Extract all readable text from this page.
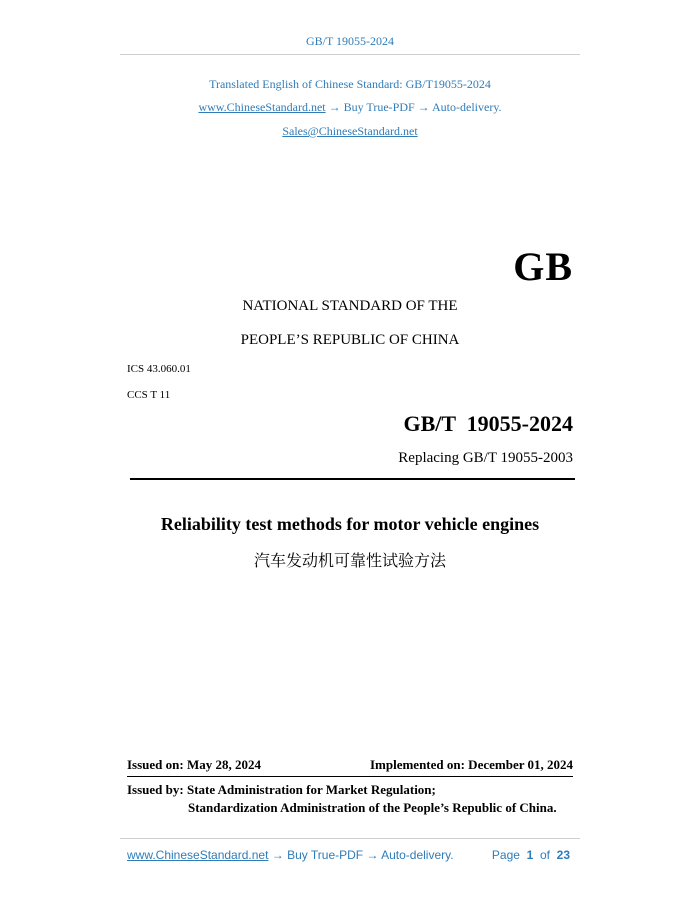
GB/T 19055-2024
Translated English of Chinese Standard: GB/T19055-2024
www.ChineseStandard.net → Buy True-PDF → Auto-delivery.
Sales@ChineseStandard.net
GB
NATIONAL STANDARD OF THE
PEOPLE’S REPUBLIC OF CHINA
ICS 43.060.01
CCS T 11
GB/T  19055-2024
Replacing GB/T 19055-2003
Reliability test methods for motor vehicle engines
汽车发动机可靠性试验方法
Issued on: May 28, 2024	Implemented on: December 01, 2024
Issued by: State Administration for Market Regulation;
Standardization Administration of the People’s Republic of China.
www.ChineseStandard.net → Buy True-PDF → Auto-delivery.	Page 1 of 23
